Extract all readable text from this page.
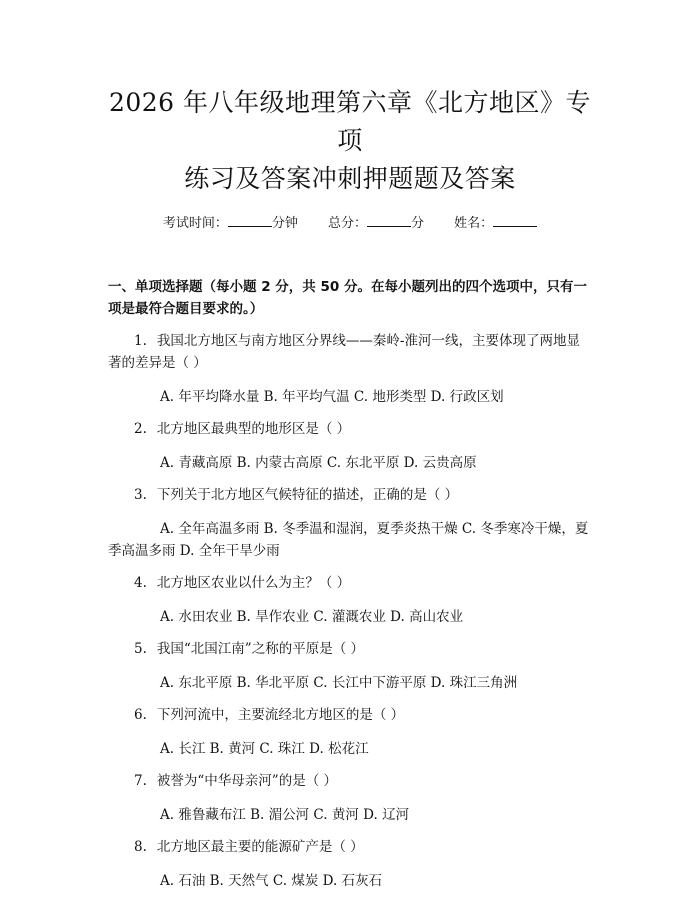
2026 年八年级地理第六章《北方地区》专项
练习及答案冲刺押题题及答案
考试时间：	分钟 总分：	分 姓名：
一、单项选择题（每小题 2 分，共 50 分。在每小题列出的四个选项中，只有一项是最符合题目要求的。）
1. 我国北方地区与南方地区分界线——秦岭-淮河一线，主要体现了两地显著的差异是（ ）
A. 年平均降水量 B. 年平均气温 C. 地形类型 D. 行政区划
2. 北方地区最典型的地形区是（ ）
A. 青藏高原 B. 内蒙古高原 C. 东北平原 D. 云贵高原
3. 下列关于北方地区气候特征的描述，正确的是（ ）
A. 全年高温多雨 B. 冬季温和湿润，夏季炎热干燥 C. 冬季寒冷干燥，夏季高温多雨 D. 全年干旱少雨
4. 北方地区农业以什么为主？（ ）
A. 水田农业 B. 旱作农业 C. 灌溉农业 D. 高山农业
5. 我国“北国江南”之称的平原是（ ）
A. 东北平原 B. 华北平原 C. 长江中下游平原 D. 珠江三角洲
6. 下列河流中，主要流经北方地区的是（ ）
A. 长江 B. 黄河 C. 珠江 D. 松花江
7. 被誉为“中华母亲河”的是（ ）
A. 雅鲁藏布江 B. 湄公河 C. 黄河 D. 辽河
8. 北方地区最主要的能源矿产是（ ）
A. 石油 B. 天然气 C. 煤炭 D. 石灰石
